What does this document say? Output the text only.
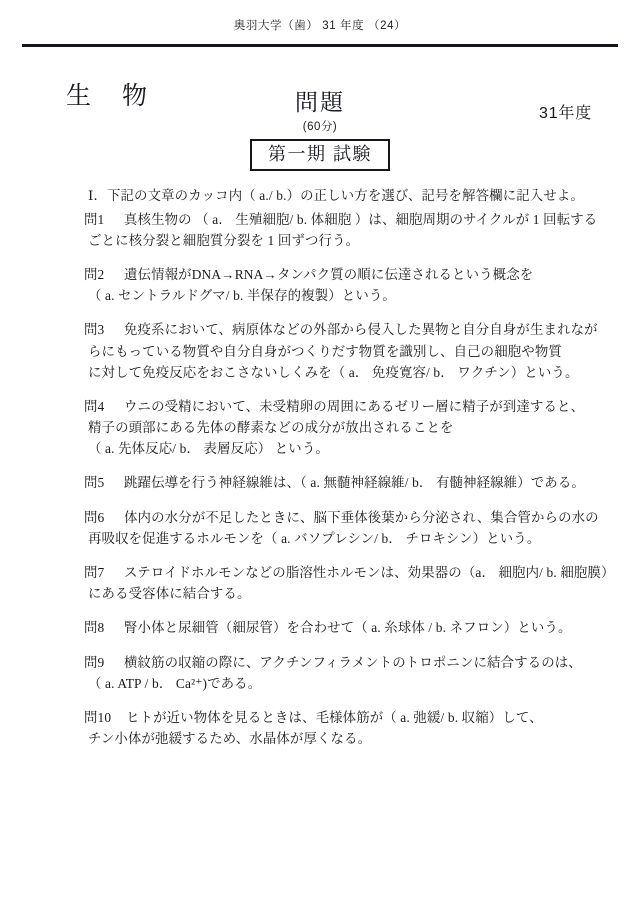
奥羽大学（歯） 31 年度 （24）
生 物	問題
(60分)
第一期 試験
31年度
Ⅰ．下記の文章のカッコ内（ a./ b.）の正しい方を選び、記号を解答欄に記入せよ。
問1 真核生物の （ a． 生殖細胞/ b. 体細胞 ）は、細胞周期のサイクルが 1 回転する
ごとに核分裂と細胞質分裂を 1 回ずつ行う。
問2 遺伝情報がDNA→RNA→タンパク質の順に伝達されるという概念を
（ a. セントラルドグマ/ b. 半保存的複製）という。
問3 免疫系において、病原体などの外部から侵入した異物と自分自身が生まれなが
らにもっている物質や自分自身がつくりだす物質を識別し、自己の細胞や物質
に対して免疫反応をおこさないしくみを（ a． 免疫寛容/ b． ワクチン）という。
問4 ウニの受精において、未受精卵の周囲にあるゼリー層に精子が到達すると、
精子の頭部にある先体の酵素などの成分が放出されることを
（ a. 先体反応/ b． 表層反応） という。
問5 跳躍伝導を行う神経線維は、（ a. 無髄神経線維/ b． 有髄神経線維）である。
問6 体内の水分が不足したときに、脳下垂体後葉から分泌され、集合管からの水の
再吸収を促進するホルモンを（ a. バソプレシン/ b． チロキシン）という。
問7 ステロイドホルモンなどの脂溶性ホルモンは、効果器の（a． 細胞内/ b. 細胞膜）
にある受容体に結合する。
問8 腎小体と尿細管（細尿管）を合わせて（ a. 糸球体 / b. ネフロン）という。
問9 横紋筋の収縮の際に、アクチンフィラメントのトロポニンに結合するのは、
（ a. ATP / b． Ca²⁺)である。
問10 ヒトが近い物体を見るときは、毛様体筋が（ a. 弛緩/ b. 収縮）して、
チン小体が弛緩するため、水晶体が厚くなる。
